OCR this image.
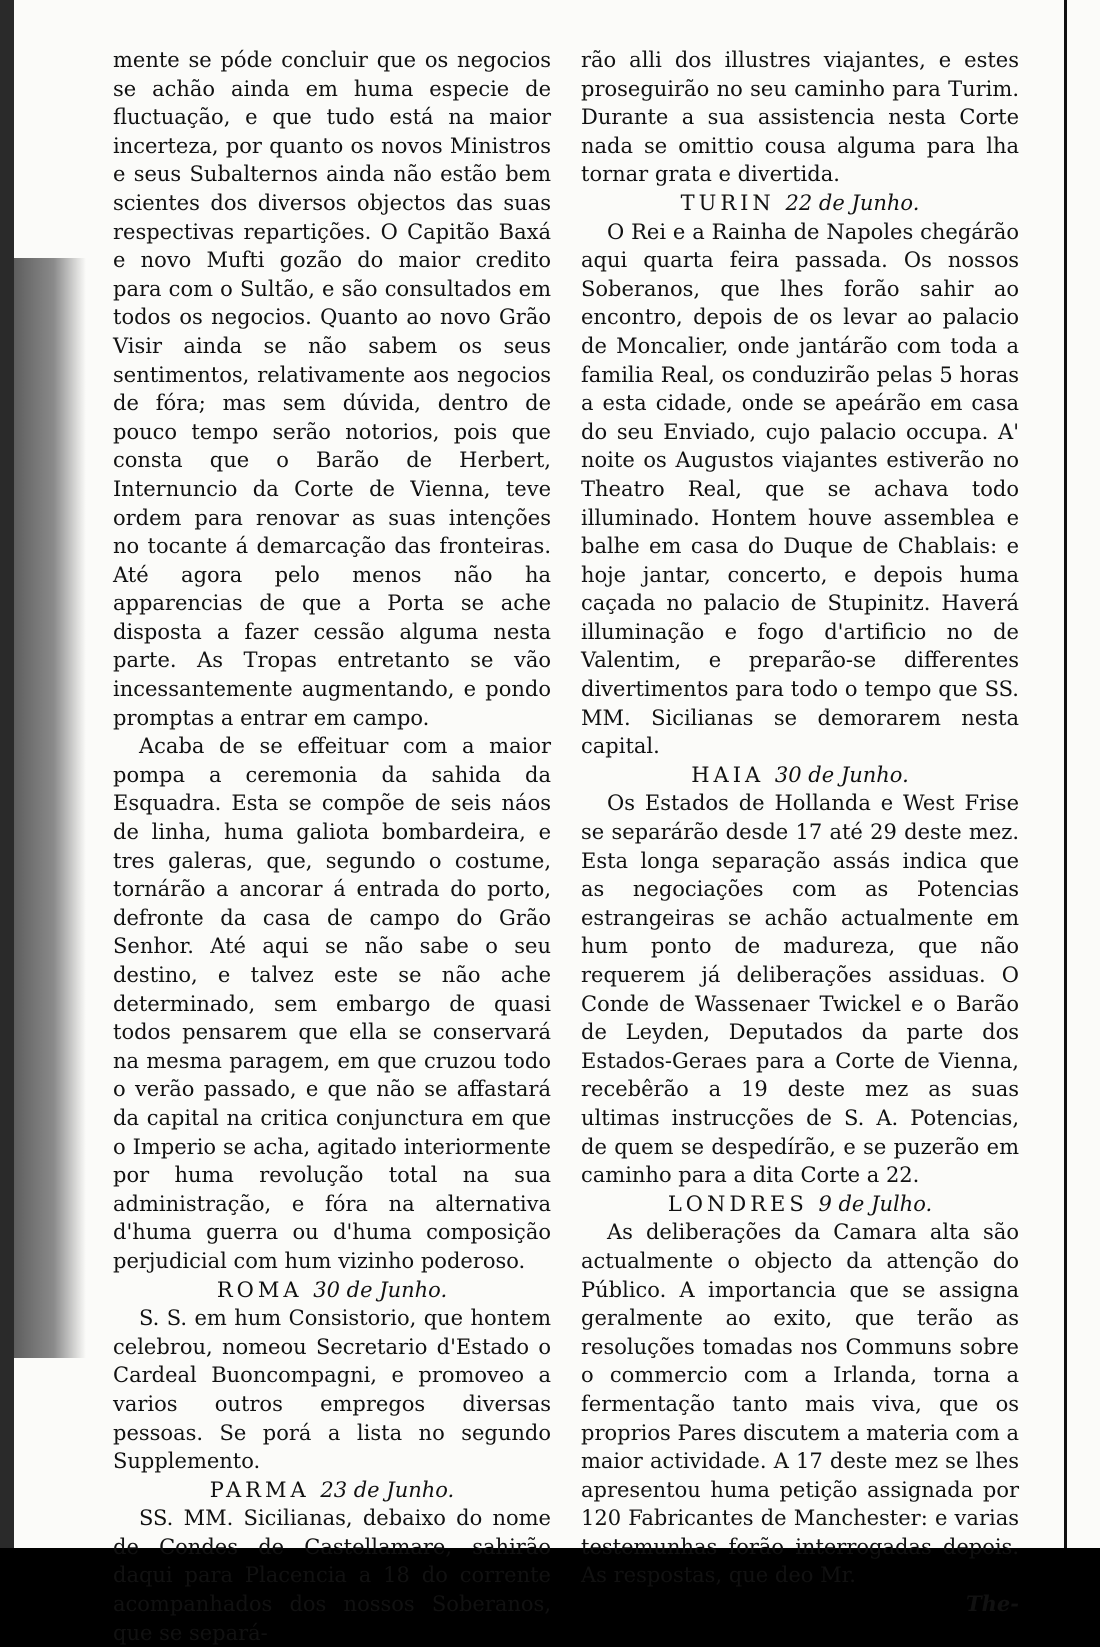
mente se póde concluir que os negocios se achão ainda em huma especie de fluctuação, e que tudo está na maior incerteza, por quanto os novos Ministros e seus Subalternos ainda não estão bem scientes dos diversos objectos das suas respectivas repartições. O Capitão Baxá e novo Mufti gozão do maior credito para com o Sultão, e são consultados em todos os negocios. Quanto ao novo Grão Visir ainda se não sabem os seus sentimentos, relativamente aos negocios de fóra; mas sem dúvida, dentro de pouco tempo serão notorios, pois que consta que o Barão de Herbert, Internuncio da Corte de Vienna, teve ordem para renovar as suas intenções no tocante á demarcação das fronteiras. Até agora pelo menos não ha apparencias de que a Porta se ache disposta a fazer cessão alguma nesta parte. As Tropas entretanto se vão incessantemente augmentando, e pondo promptas a entrar em campo.

Acaba de se effeituar com a maior pompa a ceremonia da sahida da Esquadra. Esta se compõe de seis náos de linha, huma galiota bombardeira, e tres galeras, que, segundo o costume, tornárão a ancorar á entrada do porto, defronte da casa de campo do Grão Senhor. Até aqui se não sabe o seu destino, e talvez este se não ache determinado, sem embargo de quasi todos pensarem que ella se conservará na mesma paragem, em que cruzou todo o verão passado, e que não se affastará da capital na critica conjunctura em que o Imperio se acha, agitado interiormente por huma revolução total na sua administração, e fóra na alternativa d'huma guerra ou d'huma composição perjudicial com hum vizinho poderoso.

ROMA 30 de Junho.

S. S. em hum Consistorio, que hontem celebrou, nomeou Secretario d'Estado o Cardeal Buoncompagni, e promoveo a varios outros empregos diversas pessoas. Se porá a lista no segundo Supplemento.

PARMA 23 de Junho.

SS. MM. Sicilianas, debaixo do nome de Condes de Castellamare, sahirão daqui para Placencia a 18 do corrente acompanhados dos nossos Soberanos, que se separá-

rão alli dos illustres viajantes, e estes proseguirão no seu caminho para Turim. Durante a sua assistencia nesta Corte nada se omittio cousa alguma para lha tornar grata e divertida.

TURIN 22 de Junho.

O Rei e a Rainha de Napoles chegárão aqui quarta feira passada. Os nossos Soberanos, que lhes forão sahir ao encontro, depois de os levar ao palacio de Moncalier, onde jantárão com toda a familia Real, os conduzirão pelas 5 horas a esta cidade, onde se apeárão em casa do seu Enviado, cujo palacio occupa. A' noite os Augustos viajantes estiverão no Theatro Real, que se achava todo illuminado. Hontem houve assemblea e balhe em casa do Duque de Chablais: e hoje jantar, concerto, e depois huma caçada no palacio de Stupinitz. Haverá illuminação e fogo d'artificio no de Valentim, e preparão-se differentes divertimentos para todo o tempo que SS. MM. Sicilianas se demorarem nesta capital.

HAIA 30 de Junho.

Os Estados de Hollanda e West Frise se separárão desde 17 até 29 deste mez. Esta longa separação assás indica que as negociações com as Potencias estrangeiras se achão actualmente em hum ponto de madureza, que não requerem já deliberações assiduas. O Conde de Wassenaer Twickel e o Barão de Leyden, Deputados da parte dos Estados-Geraes para a Corte de Vienna, recebêrão a 19 deste mez as suas ultimas instrucções de S. A. Potencias, de quem se despedírão, e se puzerão em caminho para a dita Corte a 22.

LONDRES 9 de Julho.

As deliberações da Camara alta são actualmente o objecto da attenção do Público. A importancia que se assigna geralmente ao exito, que terão as resoluções tomadas nos Communs sobre o commercio com a Irlanda, torna a fermentação tanto mais viva, que os proprios Pares discutem a materia com a maior actividade. A 17 deste mez se lhes apresentou huma petição assignada por 120 Fabricantes de Manchester: e varias testemunhas forão interrogadas depois. As respostas, que deo Mr.

The-
